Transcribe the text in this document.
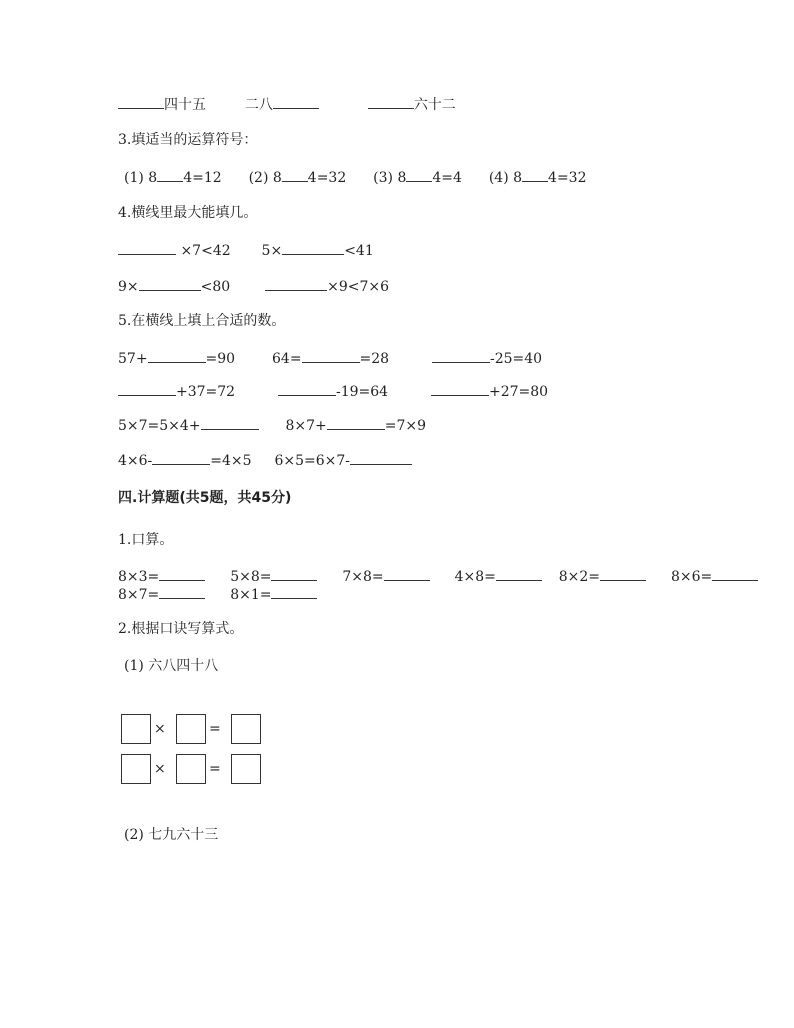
四十五	二八	六十二
3.填适当的运算符号：
(1) 8 4=12 (2) 8 4=32 (3) 8 4=4 (4) 8 4=32
4.横线里最大能填几。
×7<42 5×	<41
9×	<80	×9<7×6
5.在横线上填上合适的数。
57+	=90	64=	=28	-25=40
+37=72	-19=64	+27=80
5×7=5×4+	8×7+	=7×9
4×6-	=4×5 6×5=6×7-
四.计算题(共5题，共45分)
1.口算。
8×3=	5×8=	7×8=	4×8=	8×2=	8×6=
8×7=	8×1=
2.根据口诀写算式。
(1) 六八四十八
×	=
×	=
(2) 七九六十三
